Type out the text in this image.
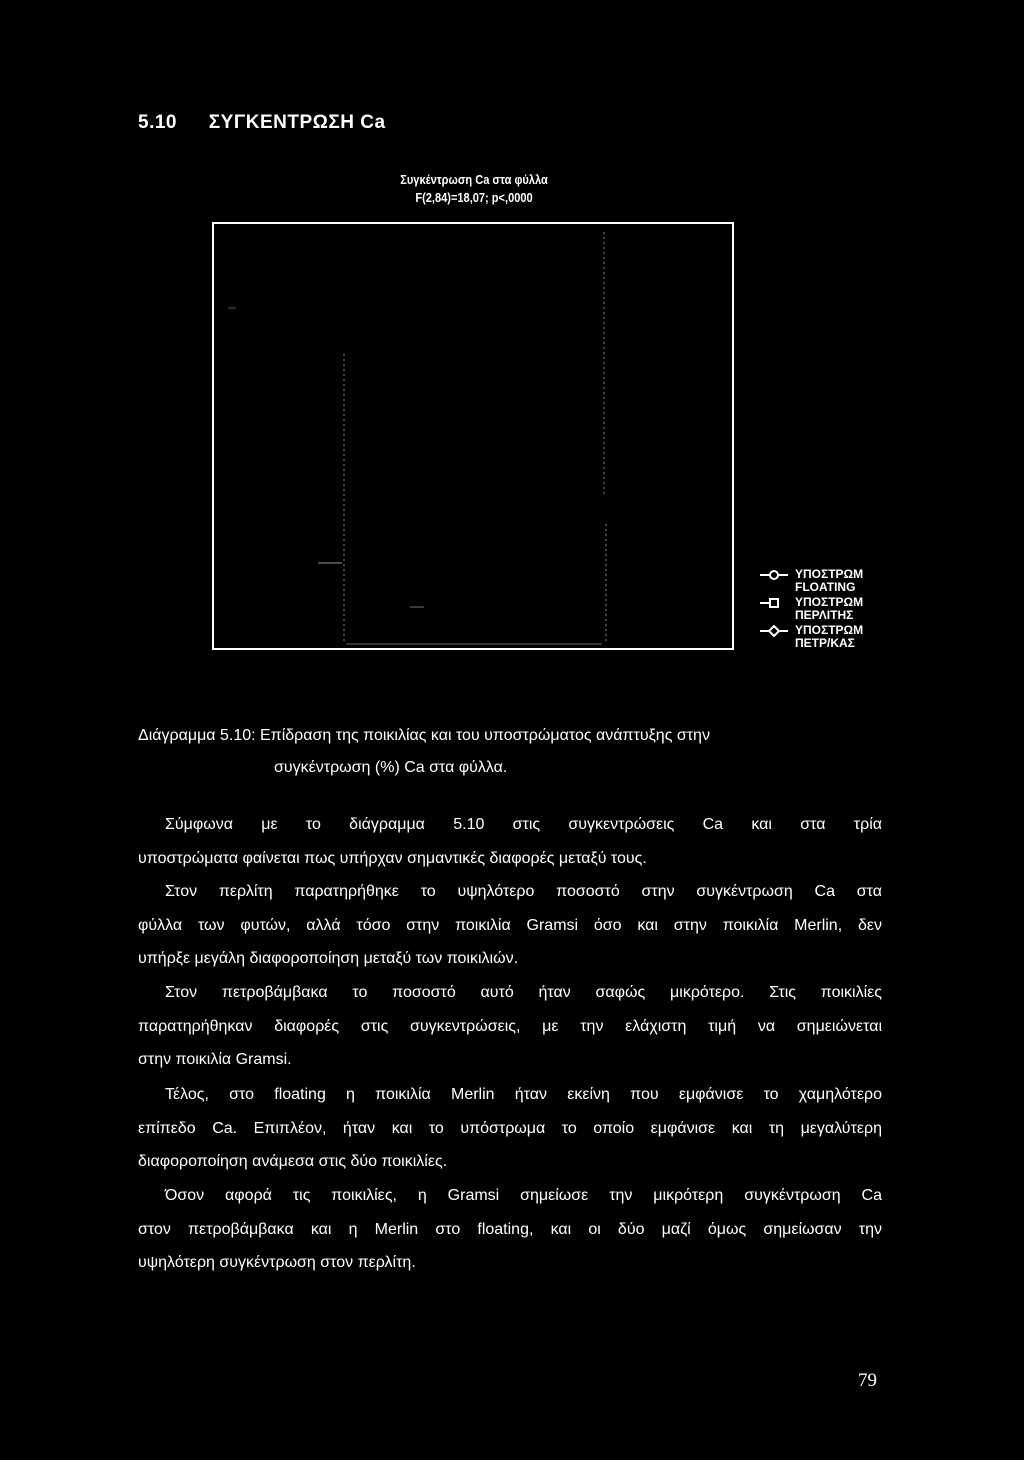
5.10 ΣΥΓΚΕΝΤΡΩΣΗ Ca
Συγκέντρωση Ca στα φύλλα
F(2,84)=18,07; p<,0000
ΥΠΟΣΤΡΩΜ
FLOATING
ΥΠΟΣΤΡΩΜ
ΠΕΡΛΙΤΗΣ
ΥΠΟΣΤΡΩΜ
ΠΕΤΡ/ΚΑΣ
Διάγραμμα 5.10: Επίδραση της ποικιλίας και του υποστρώματος ανάπτυξης στην
συγκέντρωση (%) Ca στα φύλλα.
Σύμφωνα με το διάγραμμα 5.10 στις συγκεντρώσεις Ca και στα τρία
υποστρώματα φαίνεται πως υπήρχαν σημαντικές διαφορές μεταξύ τους.
Στον περλίτη παρατηρήθηκε το υψηλότερο ποσοστό στην συγκέντρωση Ca στα
φύλλα των φυτών, αλλά τόσο στην ποικιλία Gramsi όσο και στην ποικιλία Merlin, δεν
υπήρξε μεγάλη διαφοροποίηση μεταξύ των ποικιλιών.
Στον πετροβάμβακα το ποσοστό αυτό ήταν σαφώς μικρότερο. Στις ποικιλίες
παρατηρήθηκαν διαφορές στις συγκεντρώσεις, με την ελάχιστη τιμή να σημειώνεται
στην ποικιλία Gramsi.
Τέλος, στο floating η ποικιλία Merlin ήταν εκείνη που εμφάνισε το χαμηλότερο
επίπεδο Ca. Επιπλέον, ήταν και το υπόστρωμα το οποίο εμφάνισε και τη μεγαλύτερη
διαφοροποίηση ανάμεσα στις δύο ποικιλίες.
Όσον αφορά τις ποικιλίες, η Gramsi σημείωσε την μικρότερη συγκέντρωση Ca
στον πετροβάμβακα και η Merlin στο floating, και οι δύο μαζί όμως σημείωσαν την
υψηλότερη συγκέντρωση στον περλίτη.
79
